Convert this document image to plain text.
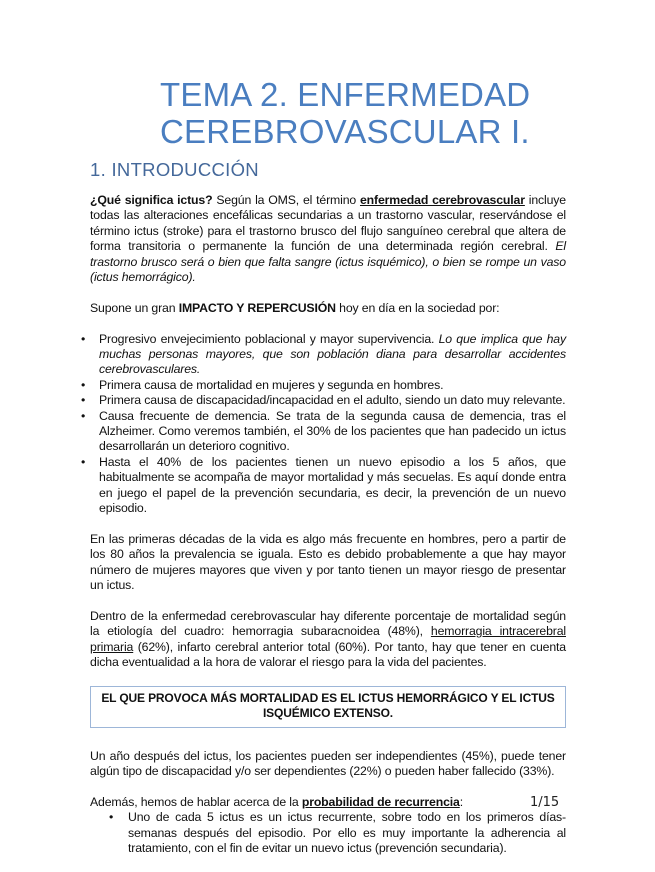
TEMA 2. ENFERMEDAD CEREBROVASCULAR I.
1. INTRODUCCIÓN

¿Qué significa ictus? Según la OMS, el término enfermedad cerebrovascular incluye todas las alteraciones encefálicas secundarias a un trastorno vascular, reservándose el término ictus (stroke) para el trastorno brusco del flujo sanguíneo cerebral que altera de forma transitoria o permanente la función de una determinada región cerebral. El trastorno brusco será o bien que falta sangre (ictus isquémico), o bien se rompe un vaso (ictus hemorrágico).

Supone un gran IMPACTO Y REPERCUSIÓN hoy en día en la sociedad por:

• Progresivo envejecimiento poblacional y mayor supervivencia. Lo que implica que hay muchas personas mayores, que son población diana para desarrollar accidentes cerebrovasculares.
• Primera causa de mortalidad en mujeres y segunda en hombres.
• Primera causa de discapacidad/incapacidad en el adulto, siendo un dato muy relevante.
• Causa frecuente de demencia. Se trata de la segunda causa de demencia, tras el Alzheimer. Como veremos también, el 30% de los pacientes que han padecido un ictus desarrollarán un deterioro cognitivo.
• Hasta el 40% de los pacientes tienen un nuevo episodio a los 5 años, que habitualmente se acompaña de mayor mortalidad y más secuelas. Es aquí donde entra en juego el papel de la prevención secundaria, es decir, la prevención de un nuevo episodio.

En las primeras décadas de la vida es algo más frecuente en hombres, pero a partir de los 80 años la prevalencia se iguala. Esto es debido probablemente a que hay mayor número de mujeres mayores que viven y por tanto tienen un mayor riesgo de presentar un ictus.

Dentro de la enfermedad cerebrovascular hay diferente porcentaje de mortalidad según la etiología del cuadro: hemorragia subaracnoidea (48%), hemorragia intracerebral primaria (62%), infarto cerebral anterior total (60%). Por tanto, hay que tener en cuenta dicha eventualidad a la hora de valorar el riesgo para la vida del pacientes.

EL QUE PROVOCA MÁS MORTALIDAD ES EL ICTUS HEMORRÁGICO Y EL ICTUS ISQUÉMICO EXTENSO.

Un año después del ictus, los pacientes pueden ser independientes (45%), puede tener algún tipo de discapacidad y/o ser dependientes (22%) o pueden haber fallecido (33%).

Además, hemos de hablar acerca de la probabilidad de recurrencia:

• Uno de cada 5 ictus es un ictus recurrente, sobre todo en los primeros días-semanas después del episodio. Por ello es muy importante la adherencia al tratamiento, con el fin de evitar un nuevo ictus (prevención secundaria).
1/15
